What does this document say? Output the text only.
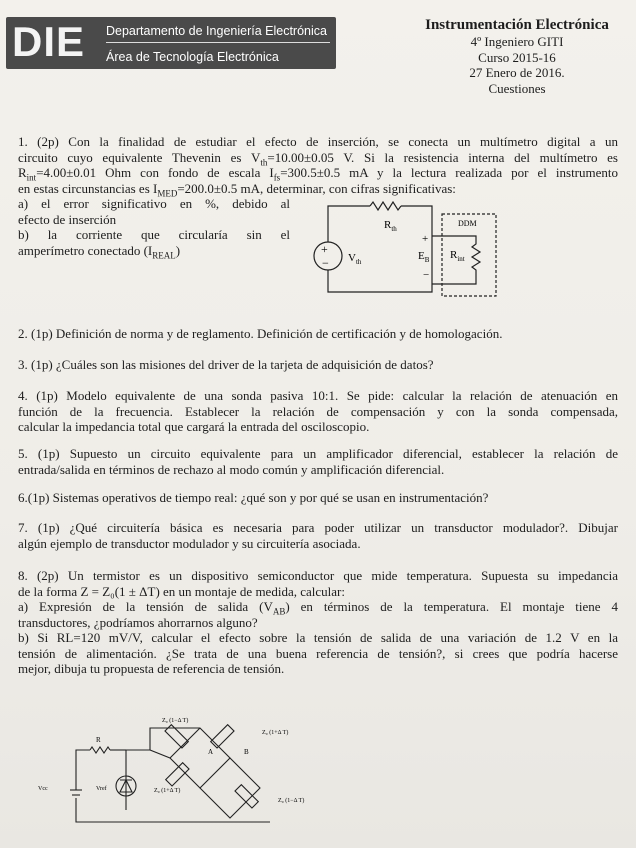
DIE Departamento de Ingeniería Electrónica
Área de Tecnología Electrónica
Instrumentación Electrónica
4º Ingeniero GITI
Curso 2015-16
27 Enero de 2016.
Cuestiones
1. (2p) Con la finalidad de estudiar el efecto de inserción, se conecta un multímetro digital a un
circuito cuyo equivalente Thevenin es $V_{th}=10.00\pm 0.05$ V. Si la resistencia interna del multímetro es
$R_{int}=4.00\pm 0.01$ Ohm con fondo de escala $I_{fs}=300.5\pm 0.5$ mA y la lectura realizada por el instrumento
en estas circunstancias es $I_{MED}=200.0\pm 0.5$ mA, determinar, con cifras significativas:
a) el error significativo en %, debido al
efecto de inserción
b) la corriente que circularía sin el
amperímetro conectado $(I_{REAL})$
$R_{th}$
+
− $V_{th}$
+
−
$E_B$ $R_{int}$
DDM
2. (1p) Definición de norma y de reglamento. Definición de certificación y de homologación.
3. (1p) ¿Cuáles son las misiones del driver de la tarjeta de adquisición de datos?
4. (1p) Modelo equivalente de una sonda pasiva 10:1. Se pide: calcular la relación de atenuación en
función de la frecuencia. Establecer la relación de compensación y con la sonda compensada,
calcular la impedancia total que cargará la entrada del osciloscopio.
5. (1p) Supuesto un circuito equivalente para un amplificador diferencial, establecer la relación de
entrada/salida en términos de rechazo al modo común y amplificación diferencial.
6.(1p) Sistemas operativos de tiempo real: ¿qué son y por qué se usan en instrumentación?
7. (1p) ¿Qué circuitería básica es necesaria para poder utilizar un transductor modulador?. Dibujar
algún ejemplo de transductor modulador y su circuitería asociada.
8. (2p) Un termistor es un dispositivo semiconductor que mide temperatura. Supuesta su impedancia
de la forma Z = Z₀(1 ± ΔT) en un montaje de medida, calcular:
a) Expresión de la tensión de salida $(V_{AB})$ en términos de la temperatura. El montaje tiene 4
transductores, ¿podríamos ahorrarnos alguno?
b) Si RL=120 mV/V, calcular el efecto sobre la tensión de salida de una variación de 1.2 V en la
tensión de alimentación. ¿Se trata de una buena referencia de tensión?, si crees que podría hacerse
mejor, dibuja tu propuesta de referencia de tensión.
Z₀ (1−Δ T)
Z₀ (1+Δ T)
Z₀ (1+Δ T)
Z₀ (1−Δ T)
R
Vcc	Vref
A	B
